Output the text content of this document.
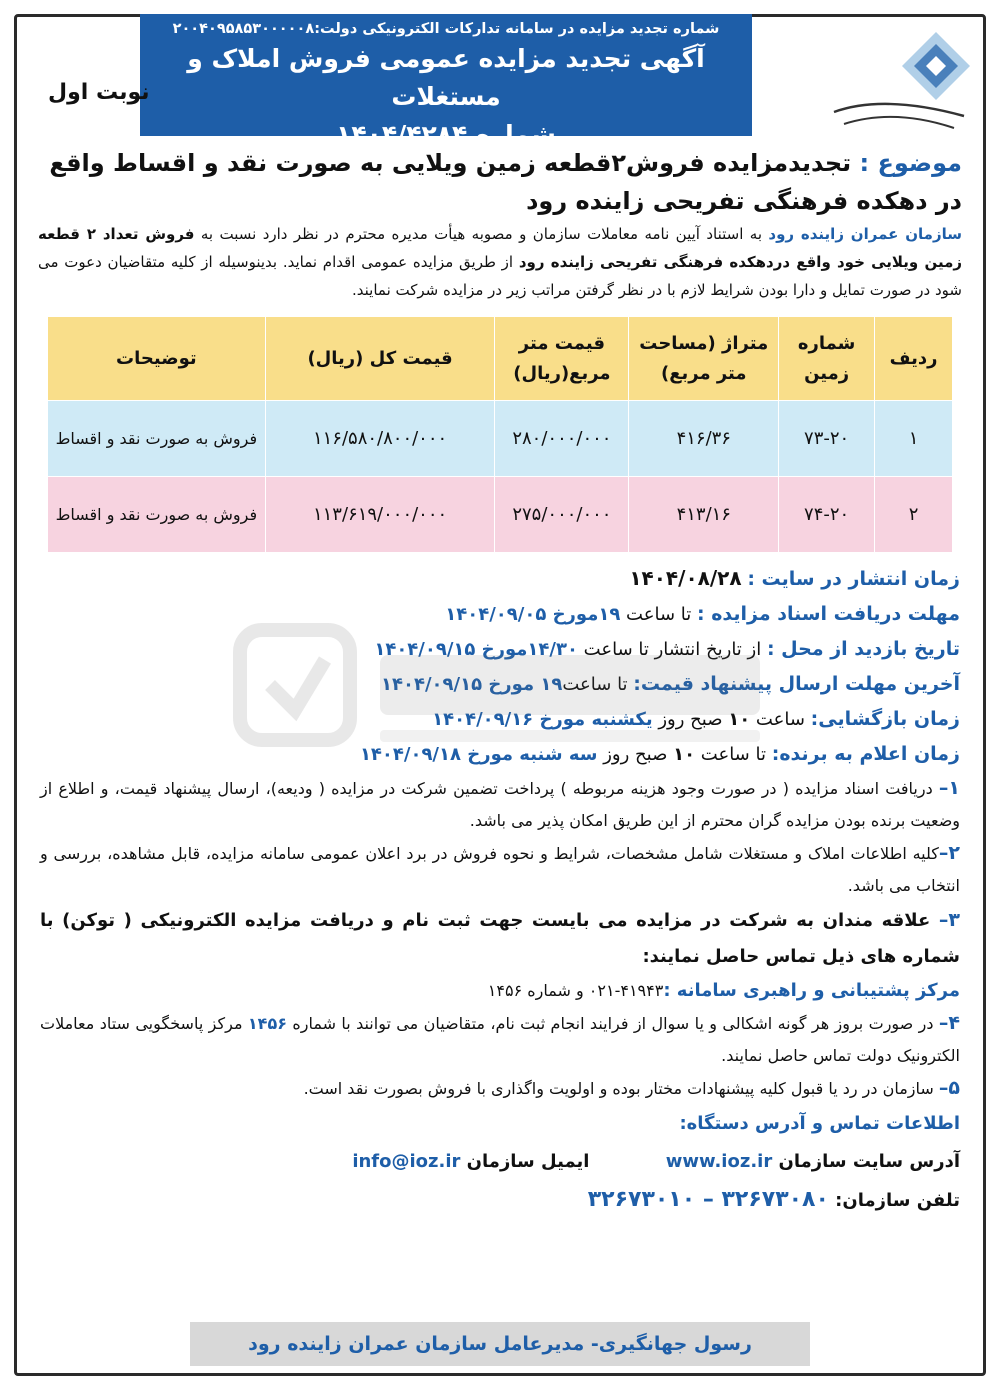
شماره تجدید مزایده در سامانه تدارکات الکترونیکی دولت:۲۰۰۴۰۹۵۸۵۳۰۰۰۰۰۸
آگهی تجدید مزایده عمومی فروش املاک و مستغلات
شماره ۱۴۰۴/۴۲۸۴
نوبت اول
موضوع : تجدیدمزایده فروش۲قطعه زمین ویلایی به صورت نقد و اقساط واقع در دهکده فرهنگی تفریحی زاینده رود
سازمان عمران زاینده رود به استناد آیین نامه معاملات سازمان و مصوبه هیأت مدیره محترم در نظر دارد نسبت به فروش تعداد ۲ قطعه زمین ویلایی خود واقع دردهکده فرهنگی تفریحی زاینده رود از طریق مزایده عمومی اقدام نماید. بدینوسیله از کلیه متقاضیان دعوت می شود در صورت تمایل و دارا بودن شرایط لازم با در نظر گرفتن مراتب زیر در مزایده شرکت نمایند.
ردیف	شماره زمین	متراژ (مساحت متر مربع)	قیمت متر مربع(ریال)	قیمت کل (ریال)	توضیحات
۱	۷۳-۲۰	۴۱۶/۳۶	۲۸۰/۰۰۰/۰۰۰	۱۱۶/۵۸۰/۸۰۰/۰۰۰	فروش به صورت نقد و اقساط
۲	۷۴-۲۰	۴۱۳/۱۶	۲۷۵/۰۰۰/۰۰۰	۱۱۳/۶۱۹/۰۰۰/۰۰۰	فروش به صورت نقد و اقساط
زمان انتشار در سایت : ۱۴۰۴/۰۸/۲۸
مهلت دریافت اسناد مزایده : تا ساعت ۱۹مورخ ۱۴۰۴/۰۹/۰۵
تاریخ بازدید از محل : از تاریخ انتشار تا ساعت ۱۴/۳۰مورخ ۱۴۰۴/۰۹/۱۵
آخرین مهلت ارسال پیشنهاد قیمت: تا ساعت۱۹ مورخ ۱۴۰۴/۰۹/۱۵
زمان بازگشایی: ساعت ۱۰ صبح روز یکشنبه مورخ ۱۴۰۴/۰۹/۱۶
زمان اعلام به برنده: تا ساعت ۱۰ صبح روز سه شنبه مورخ ۱۴۰۴/۰۹/۱۸
۱– دریافت اسناد مزایده ( در صورت وجود هزینه مربوطه ) پرداخت تضمین شرکت در مزایده ( ودیعه)، ارسال پیشنهاد قیمت، و اطلاع از وضعیت برنده بودن مزایده گران محترم از این طریق امکان پذیر می باشد.
۲–کلیه اطلاعات املاک و مستغلات شامل مشخصات، شرایط و نحوه فروش در برد اعلان عمومی سامانه مزایده، قابل مشاهده، بررسی و انتخاب می باشد.
۳– علاقه مندان به شرکت در مزایده می بایست جهت ثبت نام و دریافت مزایده الکترونیکی ( توکن) با شماره های ذیل تماس حاصل نمایند:
مرکز پشتیبانی و راهبری سامانه :۴۱۹۴۳-۰۲۱ و شماره ۱۴۵۶
۴– در صورت بروز هر گونه اشکالی و یا سوال از فرایند انجام ثبت نام، متقاضیان می توانند با شماره ۱۴۵۶ مرکز پاسخگویی ستاد معاملات الکترونیک دولت تماس حاصل نمایند.
۵– سازمان در رد یا قبول کلیه پیشنهادات مختار بوده و اولویت واگذاری با فروش بصورت نقد است.
اطلاعات تماس و آدرس دستگاه:
آدرس سایت سازمان www.ioz.ir ایمیل سازمان info@ioz.ir
تلفن سازمان: ۳۲۶۷۳۰۸۰ – ۳۲۶۷۳۰۱۰
رسول جهانگیری- مدیرعامل سازمان عمران زاینده رود
